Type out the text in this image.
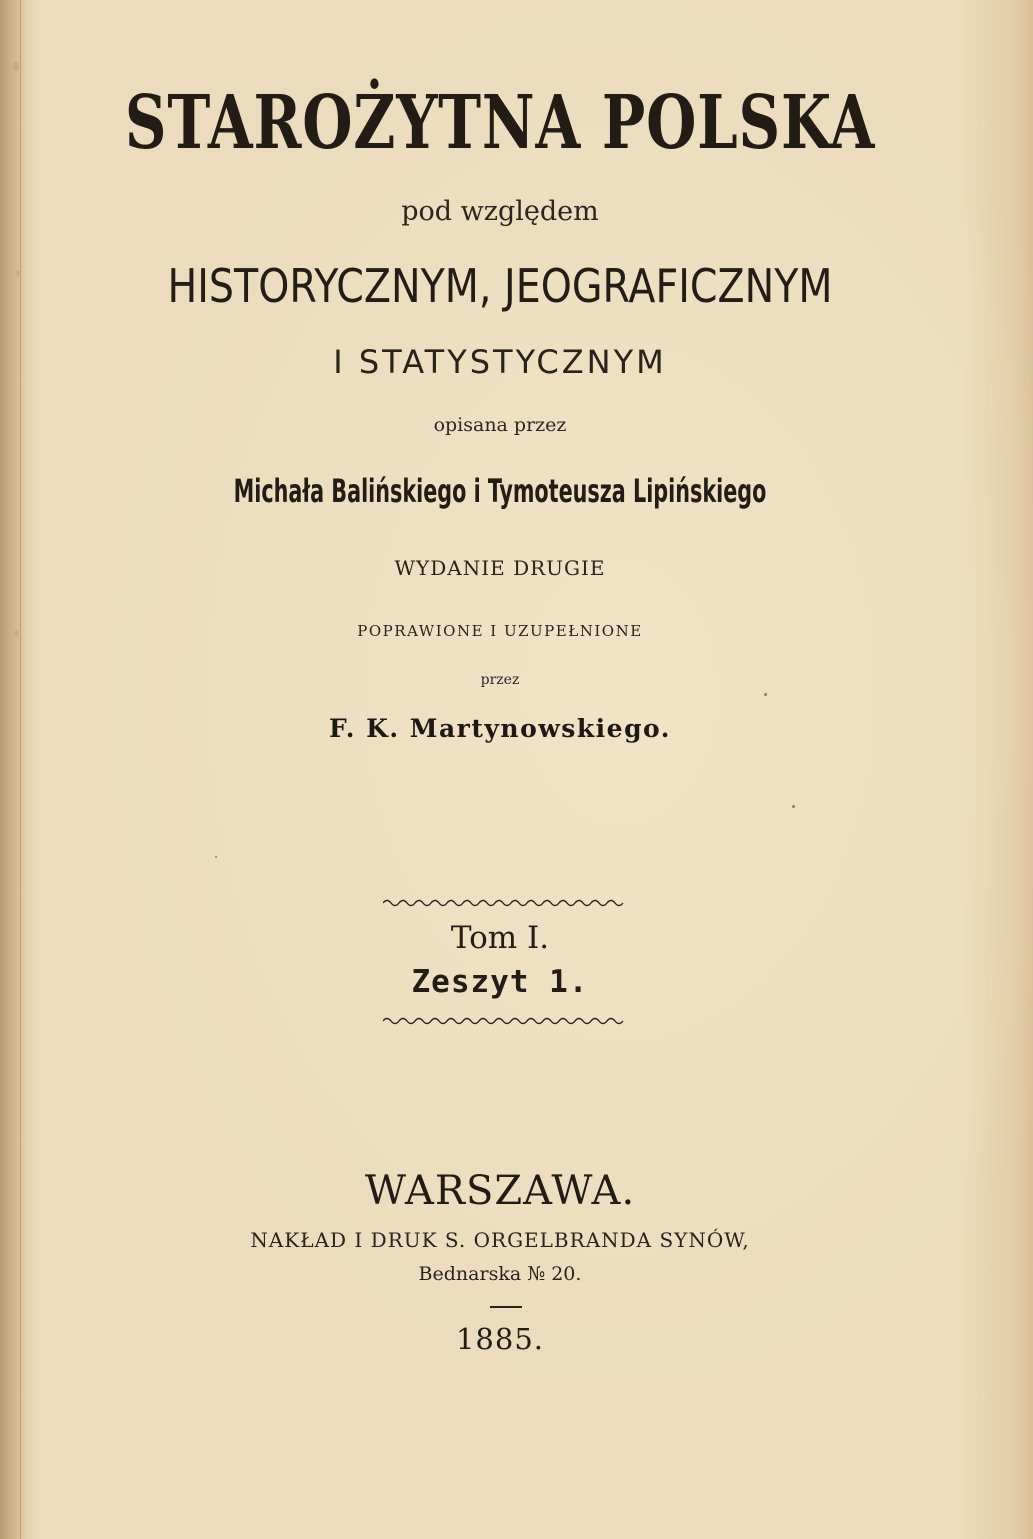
STAROŻYTNA POLSKA
pod względem
HISTORYCZNYM, JEOGRAFICZNYM
I STATYSTYCZNYM
opisana przez
Michała Balińskiego i Tymoteusza Lipińskiego
WYDANIE DRUGIE
POPRAWIONE I UZUPEŁNIONE
przez
F. K. Martynowskiego.
Tom I.
Zeszyt 1.
WARSZAWA.
NAKŁAD I DRUK S. ORGELBRANDA SYNÓW,
Bednarska № 20.
1885.
